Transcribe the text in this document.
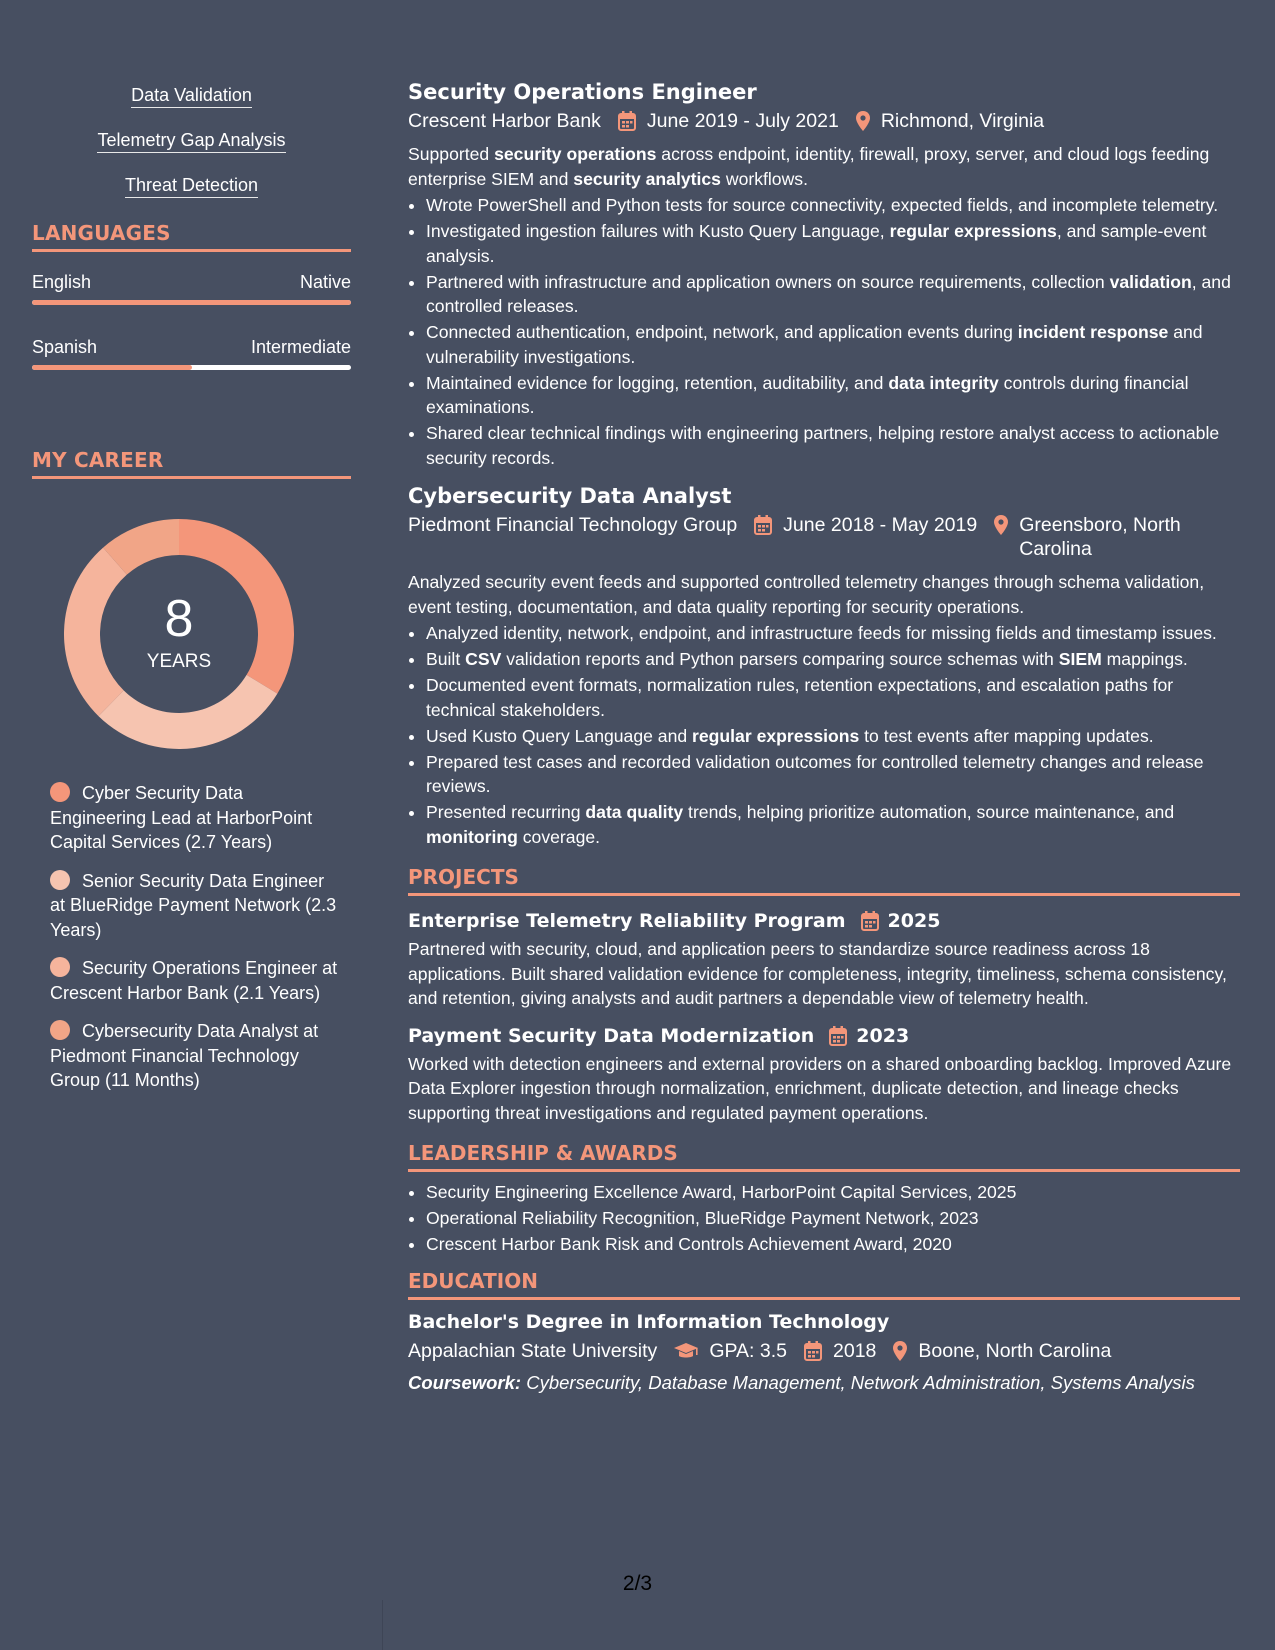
Data Validation
Telemetry Gap Analysis
Threat Detection
LANGUAGES
English	Native
Spanish	Intermediate
MY CAREER
8
YEARS
Cyber Security Data Engineering Lead at HarborPoint Capital Services (2.7 Years)
Senior Security Data Engineer at BlueRidge Payment Network (2.3 Years)
Security Operations Engineer at Crescent Harbor Bank (2.1 Years)
Cybersecurity Data Analyst at Piedmont Financial Technology Group (11 Months)
Security Operations Engineer
Crescent Harbor Bank June 2019 - July 2021 Richmond, Virginia
Supported security operations across endpoint, identity, firewall, proxy, server, and cloud logs feeding enterprise SIEM and security analytics workflows.
• Wrote PowerShell and Python tests for source connectivity, expected fields, and incomplete telemetry.
• Investigated ingestion failures with Kusto Query Language, regular expressions, and sample-event analysis.
• Partnered with infrastructure and application owners on source requirements, collection validation, and controlled releases.
• Connected authentication, endpoint, network, and application events during incident response and vulnerability investigations.
• Maintained evidence for logging, retention, auditability, and data integrity controls during financial examinations.
• Shared clear technical findings with engineering partners, helping restore analyst access to actionable security records.
Cybersecurity Data Analyst
Piedmont Financial Technology Group June 2018 - May 2019 Greensboro, North Carolina
Analyzed security event feeds and supported controlled telemetry changes through schema validation, event testing, documentation, and data quality reporting for security operations.
• Analyzed identity, network, endpoint, and infrastructure feeds for missing fields and timestamp issues.
• Built CSV validation reports and Python parsers comparing source schemas with SIEM mappings.
• Documented event formats, normalization rules, retention expectations, and escalation paths for technical stakeholders.
• Used Kusto Query Language and regular expressions to test events after mapping updates.
• Prepared test cases and recorded validation outcomes for controlled telemetry changes and release reviews.
• Presented recurring data quality trends, helping prioritize automation, source maintenance, and monitoring coverage.
PROJECTS
Enterprise Telemetry Reliability Program 2025
Partnered with security, cloud, and application peers to standardize source readiness across 18 applications. Built shared validation evidence for completeness, integrity, timeliness, schema consistency, and retention, giving analysts and audit partners a dependable view of telemetry health.
Payment Security Data Modernization 2023
Worked with detection engineers and external providers on a shared onboarding backlog. Improved Azure Data Explorer ingestion through normalization, enrichment, duplicate detection, and lineage checks supporting threat investigations and regulated payment operations.
LEADERSHIP & AWARDS
• Security Engineering Excellence Award, HarborPoint Capital Services, 2025
• Operational Reliability Recognition, BlueRidge Payment Network, 2023
• Crescent Harbor Bank Risk and Controls Achievement Award, 2020
EDUCATION
Bachelor's Degree in Information Technology
Appalachian State University	GPA: 3.5 2018 Boone, North Carolina
Coursework: Cybersecurity, Database Management, Network Administration, Systems Analysis
2/3
